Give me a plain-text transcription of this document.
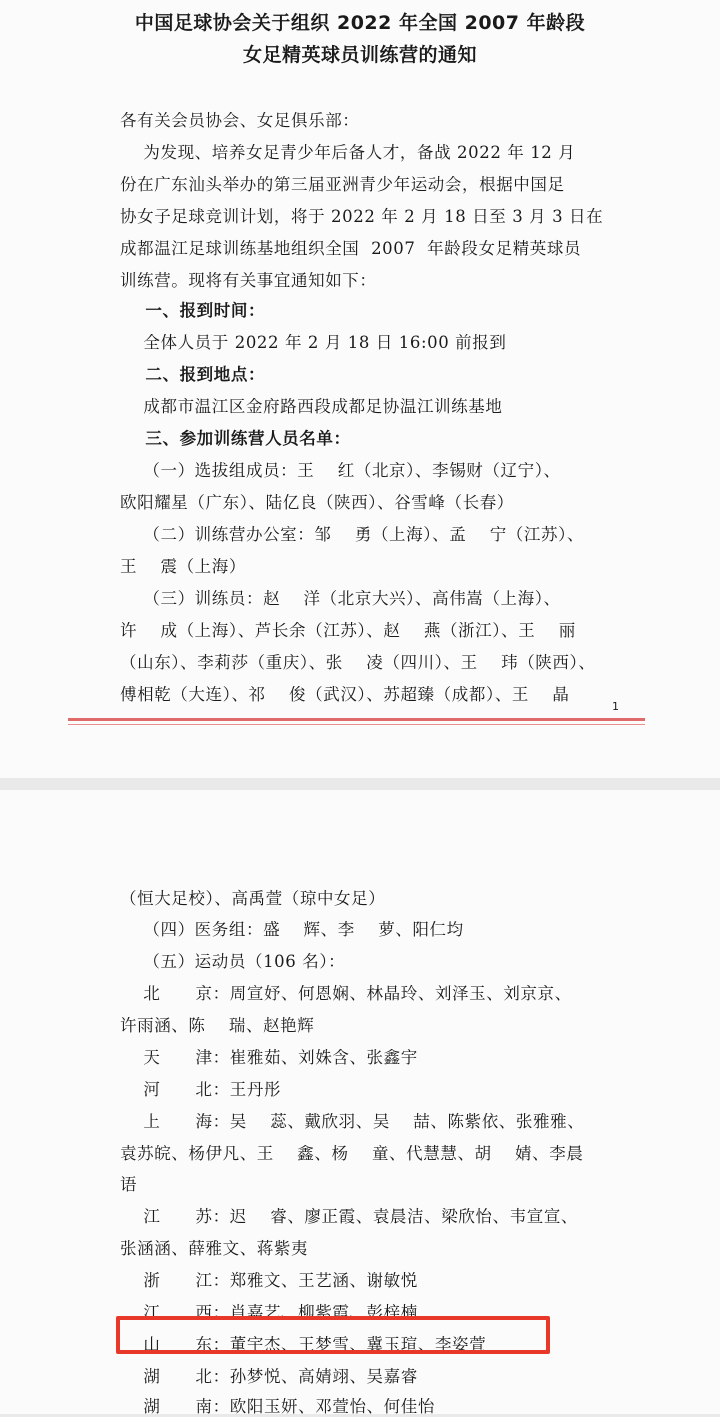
中国足球协会关于组织 2022 年全国 2007 年龄段
女足精英球员训练营的通知
各有关会员协会、女足俱乐部：
为发现、培养女足青少年后备人才，备战 2022 年 12 月
份在广东汕头举办的第三届亚洲青少年运动会，根据中国足
协女子足球竞训计划，将于 2022 年 2 月 18 日至 3 月 3 日在
成都温江足球训练基地组织全国  2007  年龄段女足精英球员
训练营。现将有关事宜通知如下：
一、报到时间：
全体人员于 2022 年 2 月 18 日 16:00 前报到
二、报到地点：
成都市温江区金府路西段成都足协温江训练基地
三、参加训练营人员名单：
（一）选拔组成员：王    红（北京）、李锡财（辽宁）、
欧阳耀星（广东）、陆亿良（陕西）、谷雪峰（长春）
（二）训练营办公室：邹    勇（上海）、孟    宁（江苏）、
王    震（上海）
（三）训练员：赵    洋（北京大兴）、高伟嵩（上海）、
许    成（上海）、芦长余（江苏）、赵    燕（浙江）、王    丽
（山东）、李莉莎（重庆）、张    凌（四川）、王    玮（陕西）、
傅相乾（大连）、祁    俊（武汉）、苏超臻（成都）、王    晶
1
（恒大足校）、高禹萱（琼中女足）
（四）医务组：盛    辉、李    萝、阳仁均
（五）运动员（106 名）：
北      京：周宣妤、何恩娴、林晶玲、刘泽玉、刘京京、
许雨涵、陈    瑞、赵艳辉
天      津：崔雅茹、刘姝含、张鑫宇
河      北：王丹彤
上      海：吴    蕊、戴欣羽、吴    喆、陈紫依、张雅雅、
袁苏皖、杨伊凡、王    鑫、杨    童、代慧慧、胡    婧、李晨
语
江      苏：迟    睿、廖正霞、袁晨洁、梁欣怡、韦宣宣、
张涵涵、薛雅文、蒋紫夷
浙      江：郑雅文、王艺涵、谢敏悦
江      西：肖嘉艺、柳紫霞、彭梓楠
山      东：董宇杰、王梦雪、冀玉瑄、李姿萱
湖      北：孙梦悦、高婧翊、吴嘉睿
湖      南：欧阳玉妍、邓萱怡、何佳怡
